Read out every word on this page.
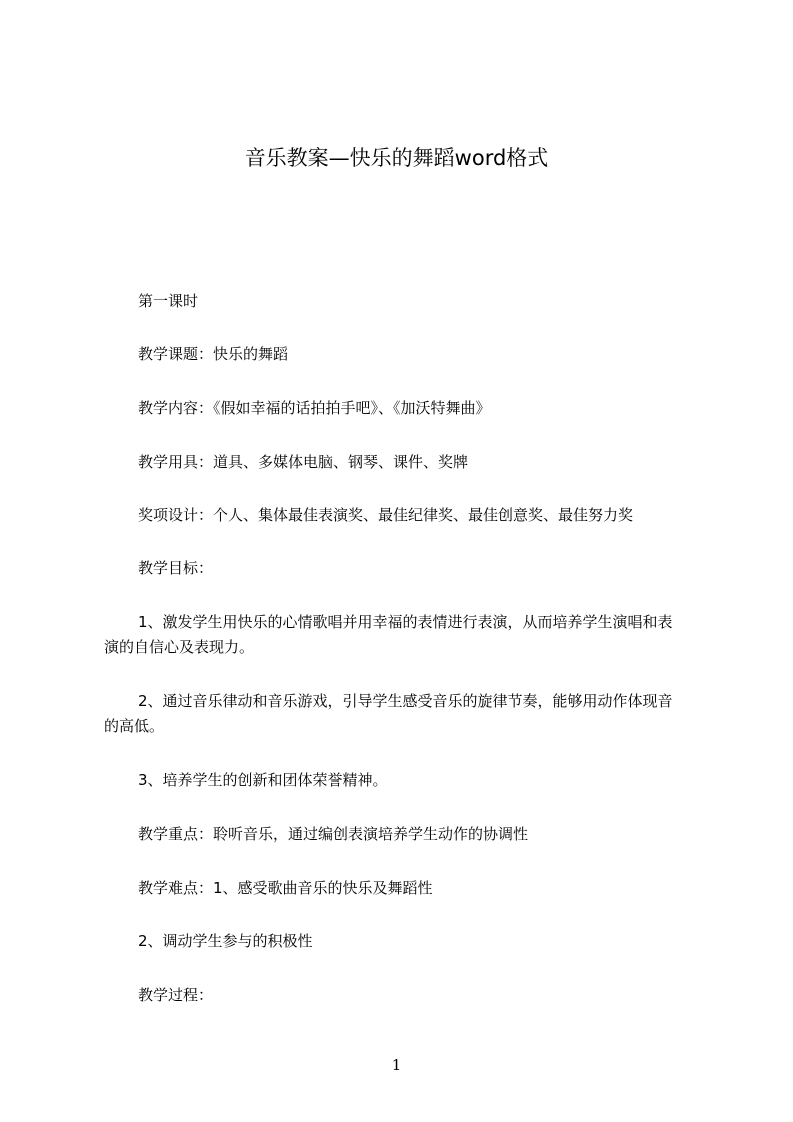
音乐教案—快乐的舞蹈word格式
第一课时
教学课题：快乐的舞蹈
教学内容：《假如幸福的话拍拍手吧》、《加沃特舞曲》
教学用具：道具、多媒体电脑、钢琴、课件、奖牌
奖项设计：个人、集体最佳表演奖、最佳纪律奖、最佳创意奖、最佳努力奖
教学目标：
1、激发学生用快乐的心情歌唱并用幸福的表情进行表演，从而培养学生演唱和表
演的自信心及表现力。
2、通过音乐律动和音乐游戏，引导学生感受音乐的旋律节奏，能够用动作体现音
的高低。
3、培养学生的创新和团体荣誉精神。
教学重点：聆听音乐，通过编创表演培养学生动作的协调性
教学难点：1、感受歌曲音乐的快乐及舞蹈性
2、调动学生参与的积极性
教学过程：
1
